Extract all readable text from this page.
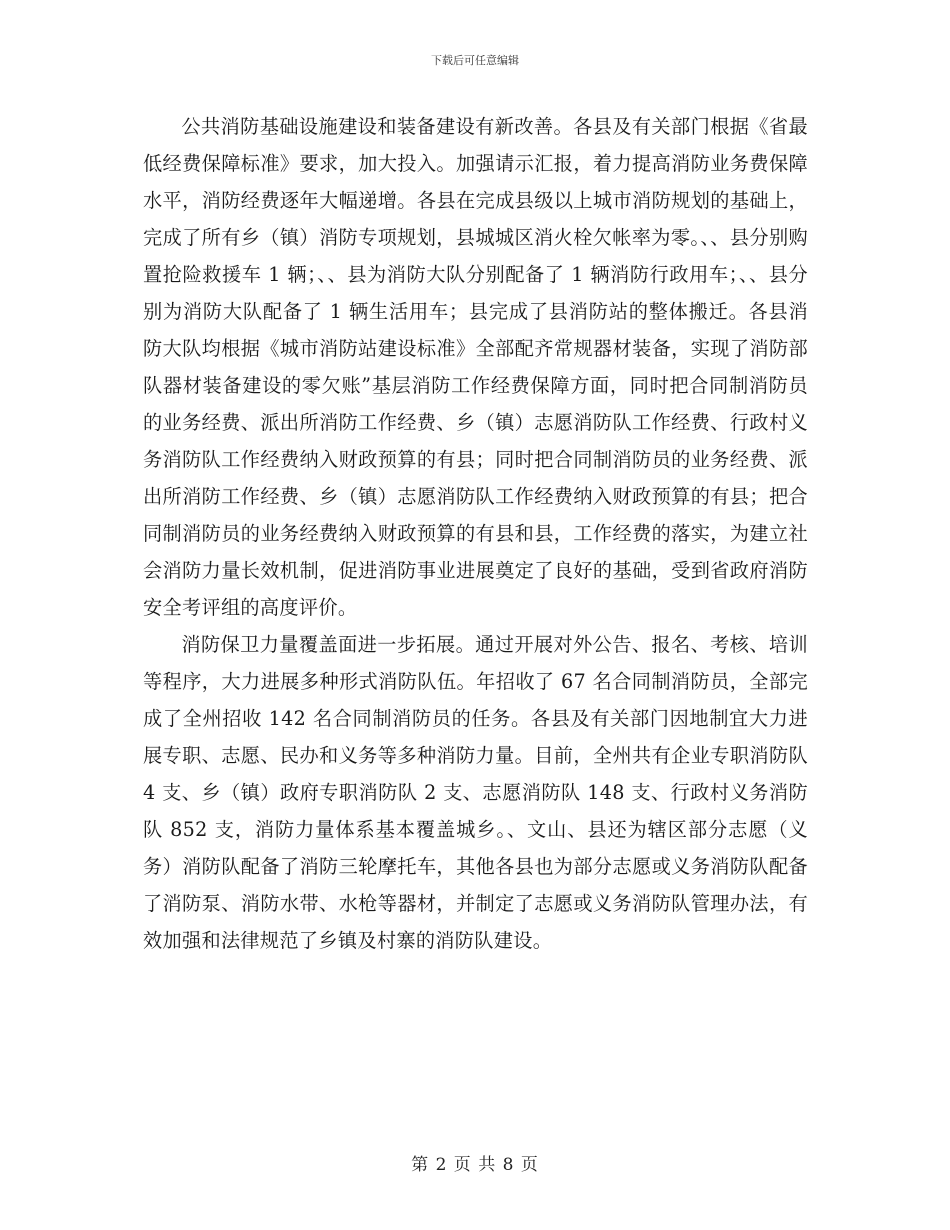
下载后可任意编辑

公共消防基础设施建设和装备建设有新改善。各县及有关部门根据《省最低经费保障标准》要求，加大投入。加强请示汇报，着力提高消防业务费保障水平，消防经费逐年大幅递增。各县在完成县级以上城市消防规划的基础上，完成了所有乡（镇）消防专项规划，县城城区消火栓欠帐率为零。、、县分别购置抢险救援车 1 辆；、、县为消防大队分别配备了 1 辆消防行政用车；、、县分别为消防大队配备了 1 辆生活用车；县完成了县消防站的整体搬迁。各县消防大队均根据《城市消防站建设标准》全部配齐常规器材装备，实现了消防部队器材装备建设的零欠账”基层消防工作经费保障方面，同时把合同制消防员的业务经费、派出所消防工作经费、乡（镇）志愿消防队工作经费、行政村义务消防队工作经费纳入财政预算的有县；同时把合同制消防员的业务经费、派出所消防工作经费、乡（镇）志愿消防队工作经费纳入财政预算的有县；把合同制消防员的业务经费纳入财政预算的有县和县，工作经费的落实，为建立社会消防力量长效机制，促进消防事业进展奠定了良好的基础，受到省政府消防安全考评组的高度评价。

消防保卫力量覆盖面进一步拓展。通过开展对外公告、报名、考核、培训等程序，大力进展多种形式消防队伍。年招收了 67 名合同制消防员，全部完成了全州招收 142 名合同制消防员的任务。各县及有关部门因地制宜大力进展专职、志愿、民办和义务等多种消防力量。目前，全州共有企业专职消防队 4 支、乡（镇）政府专职消防队 2 支、志愿消防队 148 支、行政村义务消防队 852 支，消防力量体系基本覆盖城乡。、文山、县还为辖区部分志愿（义务）消防队配备了消防三轮摩托车，其他各县也为部分志愿或义务消防队配备了消防泵、消防水带、水枪等器材，并制定了志愿或义务消防队管理办法，有效加强和法律规范了乡镇及村寨的消防队建设。

第 2 页 共 8 页
